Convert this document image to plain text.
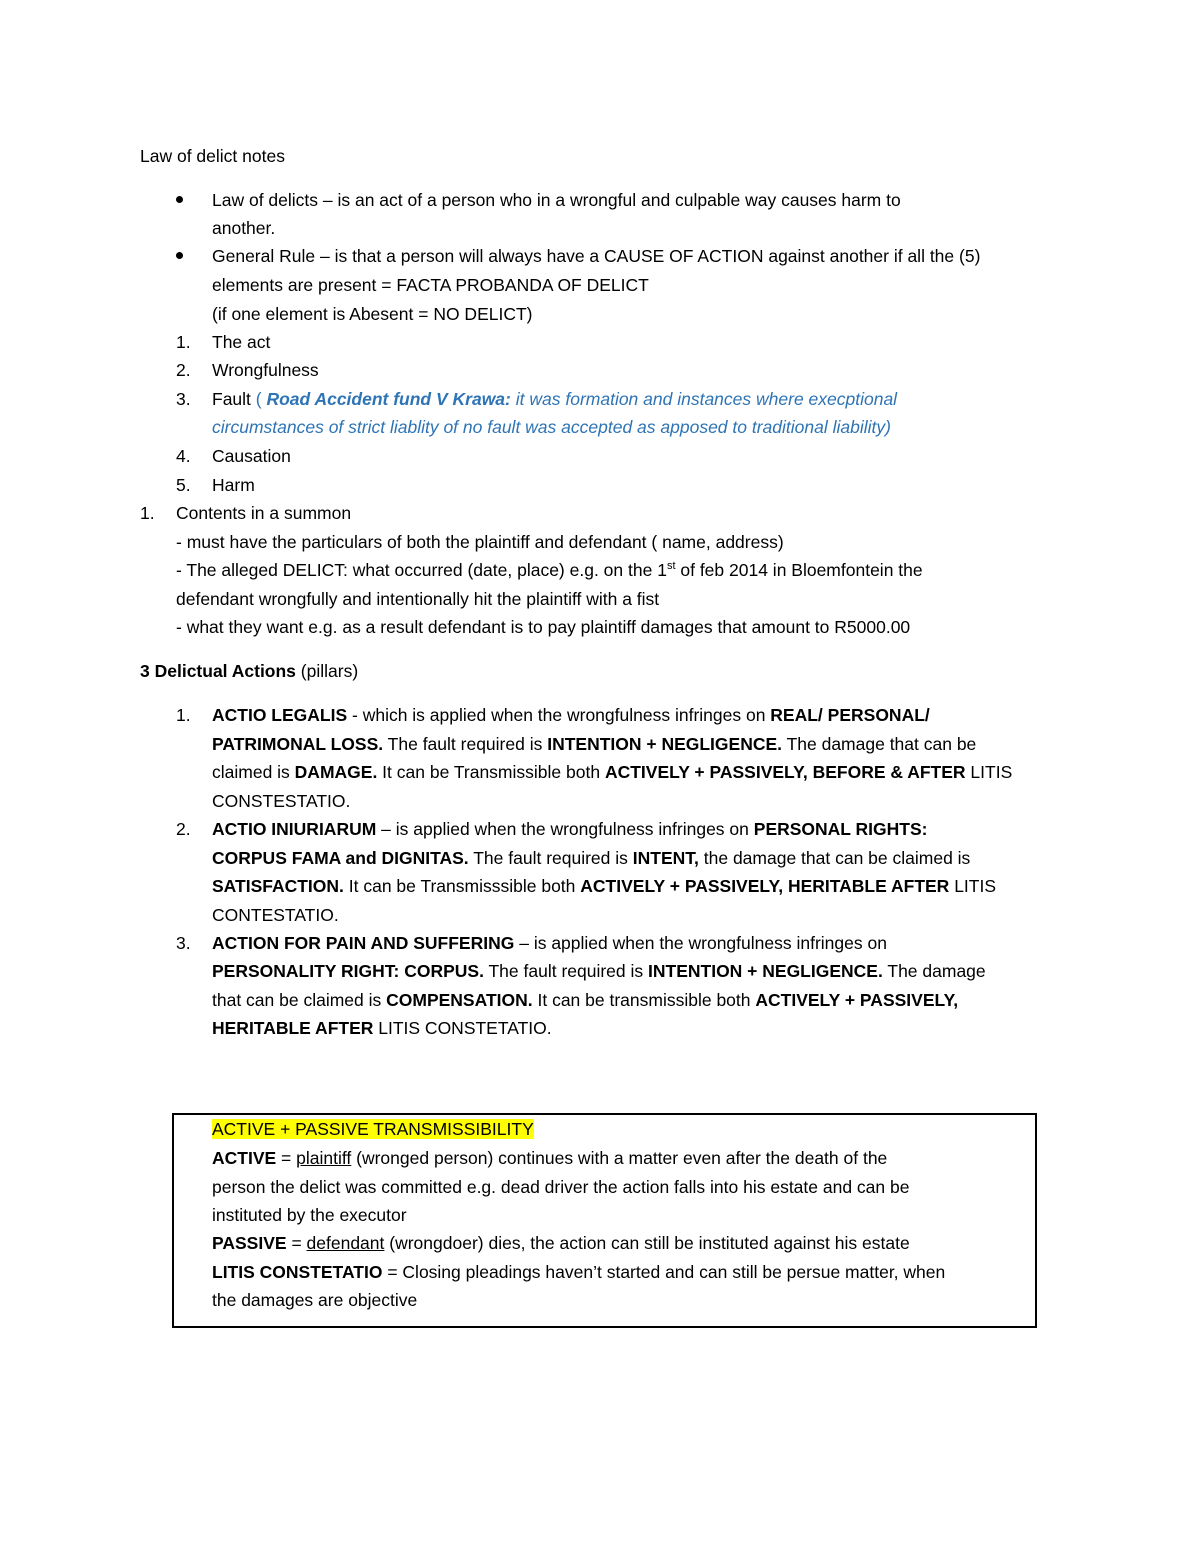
Law of delict notes
Law of delicts – is an act of a person who in a wrongful and culpable way causes harm to
another.
General Rule – is that a person will always have a CAUSE OF ACTION against another if all the (5)
elements are present = FACTA PROBANDA OF DELICT
(if one element is Abesent = NO DELICT)
1. The act
2. Wrongfulness
3. Fault ( Road Accident fund V Krawa: it was formation and instances where execptional
circumstances of strict liablity of no fault was accepted as apposed to traditional liability)
4. Causation
5. Harm
1. Contents in a summon
- must have the particulars of both the plaintiff and defendant ( name, address)
- The alleged DELICT: what occurred (date, place) e.g. on the 1st of feb 2014 in Bloemfontein the
defendant wrongfully and intentionally hit the plaintiff with a fist
- what they want e.g. as a result defendant is to pay plaintiff damages that amount to R5000.00
3 Delictual Actions (pillars)
1. ACTIO LEGALIS - which is applied when the wrongfulness infringes on REAL/ PERSONAL/
PATRIMONAL LOSS. The fault required is INTENTION + NEGLIGENCE. The damage that can be
claimed is DAMAGE. It can be Transmissible both ACTIVELY + PASSIVELY, BEFORE & AFTER LITIS
CONSTESTATIO.
2. ACTIO INIURIARUM – is applied when the wrongfulness infringes on PERSONAL RIGHTS:
CORPUS FAMA and DIGNITAS. The fault required is INTENT, the damage that can be claimed is
SATISFACTION. It can be Transmisssible both ACTIVELY + PASSIVELY, HERITABLE AFTER LITIS
CONTESTATIO.
3. ACTION FOR PAIN AND SUFFERING – is applied when the wrongfulness infringes on
PERSONALITY RIGHT: CORPUS. The fault required is INTENTION + NEGLIGENCE. The damage
that can be claimed is COMPENSATION. It can be transmissible both ACTIVELY + PASSIVELY,
HERITABLE AFTER LITIS CONSTETATIO.
ACTIVE + PASSIVE TRANSMISSIBILITY
ACTIVE = plaintiff (wronged person) continues with a matter even after the death of the
person the delict was committed e.g. dead driver the action falls into his estate and can be
instituted by the executor
PASSIVE = defendant (wrongdoer) dies, the action can still be instituted against his estate
LITIS CONSTETATIO = Closing pleadings haven’t started and can still be persue matter, when
the damages are objective
